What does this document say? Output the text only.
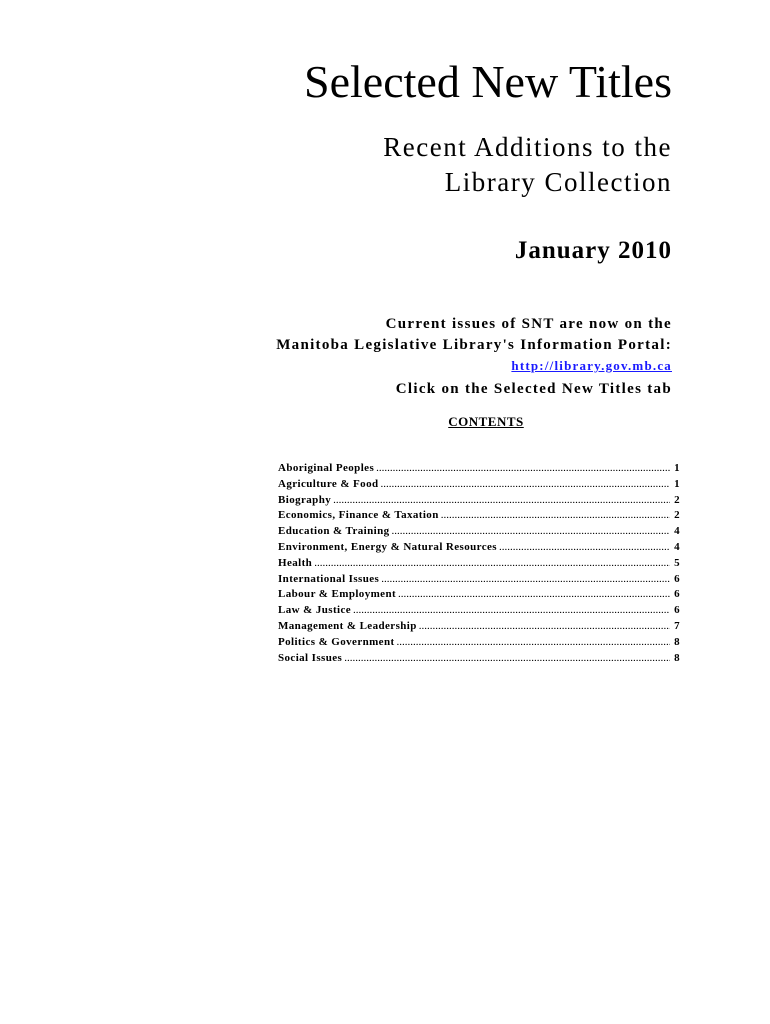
Selected New Titles
Recent Additions to the
Library Collection
January 2010
Current issues of SNT are now on the
Manitoba Legislative Library's Information Portal:
http://library.gov.mb.ca
Click on the Selected New Titles tab
CONTENTS
Aboriginal Peoples .....	1
Agriculture & Food .....	1
Biography .....	2
Economics, Finance & Taxation .....	2
Education & Training .....	4
Environment, Energy & Natural Resources .....	4
Health .....	5
International Issues .....	6
Labour & Employment .....	6
Law & Justice .....	6
Management & Leadership .....	7
Politics & Government .....	8
Social Issues .....	8
